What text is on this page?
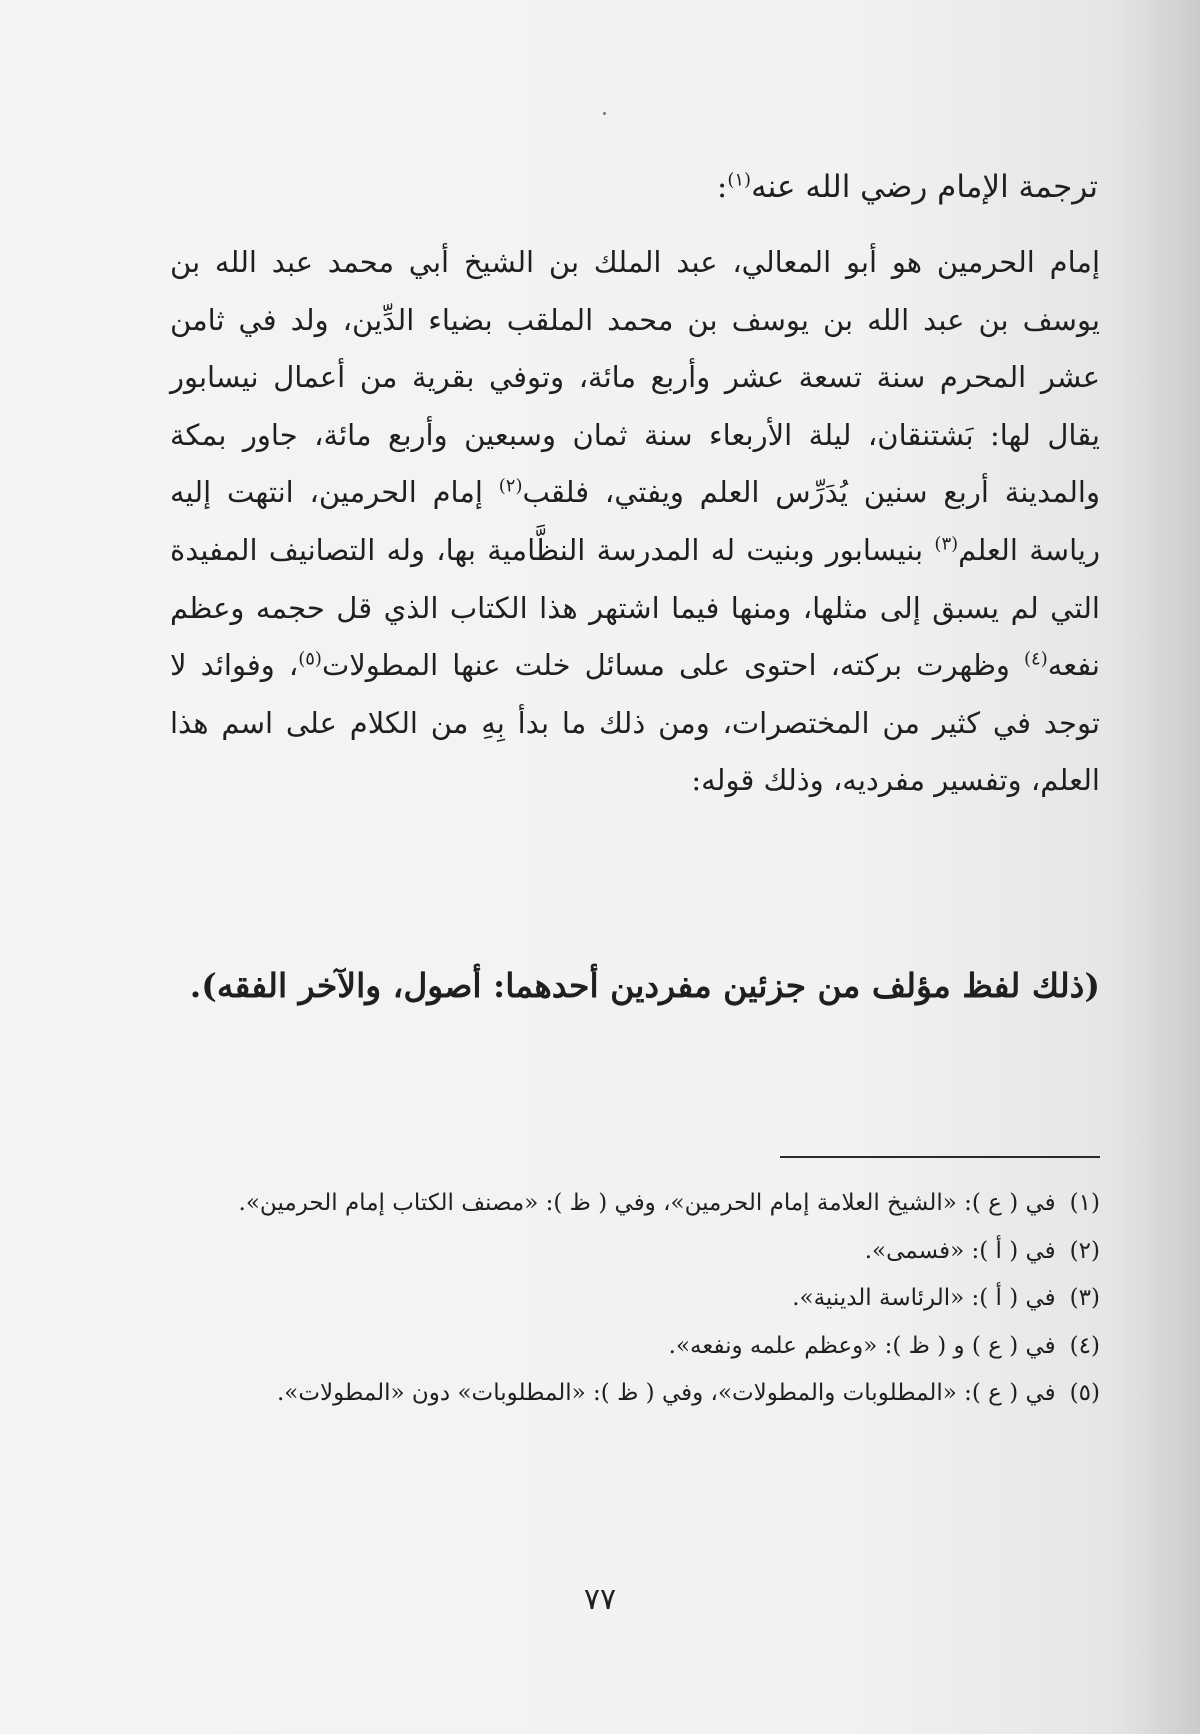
ترجمة الإمام رضي الله عنه$^{(١)}$:

إمام الحرمين هو أبو المعالي، عبد الملك بن الشيخ أبي محمد عبد الله بن يوسف بن عبد الله بن يوسف بن محمد الملقب بضياء الدِّين، ولد في ثامن عشر المحرم سنة تسعة عشر وأربع مائة، وتوفي بقرية من أعمال نيسابور يقال لها: بَشتنقان، ليلة الأربعاء سنة ثمان وسبعين وأربع مائة، جاور بمكة والمدينة أربع سنين يُدَرِّس العلم ويفتي، فلقب$^{(٢)}$ إمام الحرمين، انتهت إليه رياسة العلم$^{(٣)}$ بنيسابور وبنيت له المدرسة النظَّامية بها، وله التصانيف المفيدة التي لم يسبق إلى مثلها، ومنها فيما اشتهر هذا الكتاب الذي قل حجمه وعظم نفعه$^{(٤)}$ وظهرت بركته، احتوى على مسائل خلت عنها المطولات$^{(٥)}$، وفوائد لا توجد في كثير من المختصرات، ومن ذلك ما بدأ بِهِ من الكلام على اسم هذا العلم، وتفسير مفرديه، وذلك قوله:

(ذلك لفظ مؤلف من جزئين مفردين أحدهما: أصول، والآخر الفقه).

(١)في ( ع ): «الشيخ العلامة إمام الحرمين»، وفي ( ظ ): «مصنف الكتاب إمام الحرمين».
(٢)في ( أ ): «فسمى».
(٣)في ( أ ): «الرئاسة الدينية».
(٤)في ( ع ) و ( ظ ): «وعظم علمه ونفعه».
(٥)في ( ع ): «المطلوبات والمطولات»، وفي ( ظ ): «المطلوبات» دون «المطولات».
٧٧
